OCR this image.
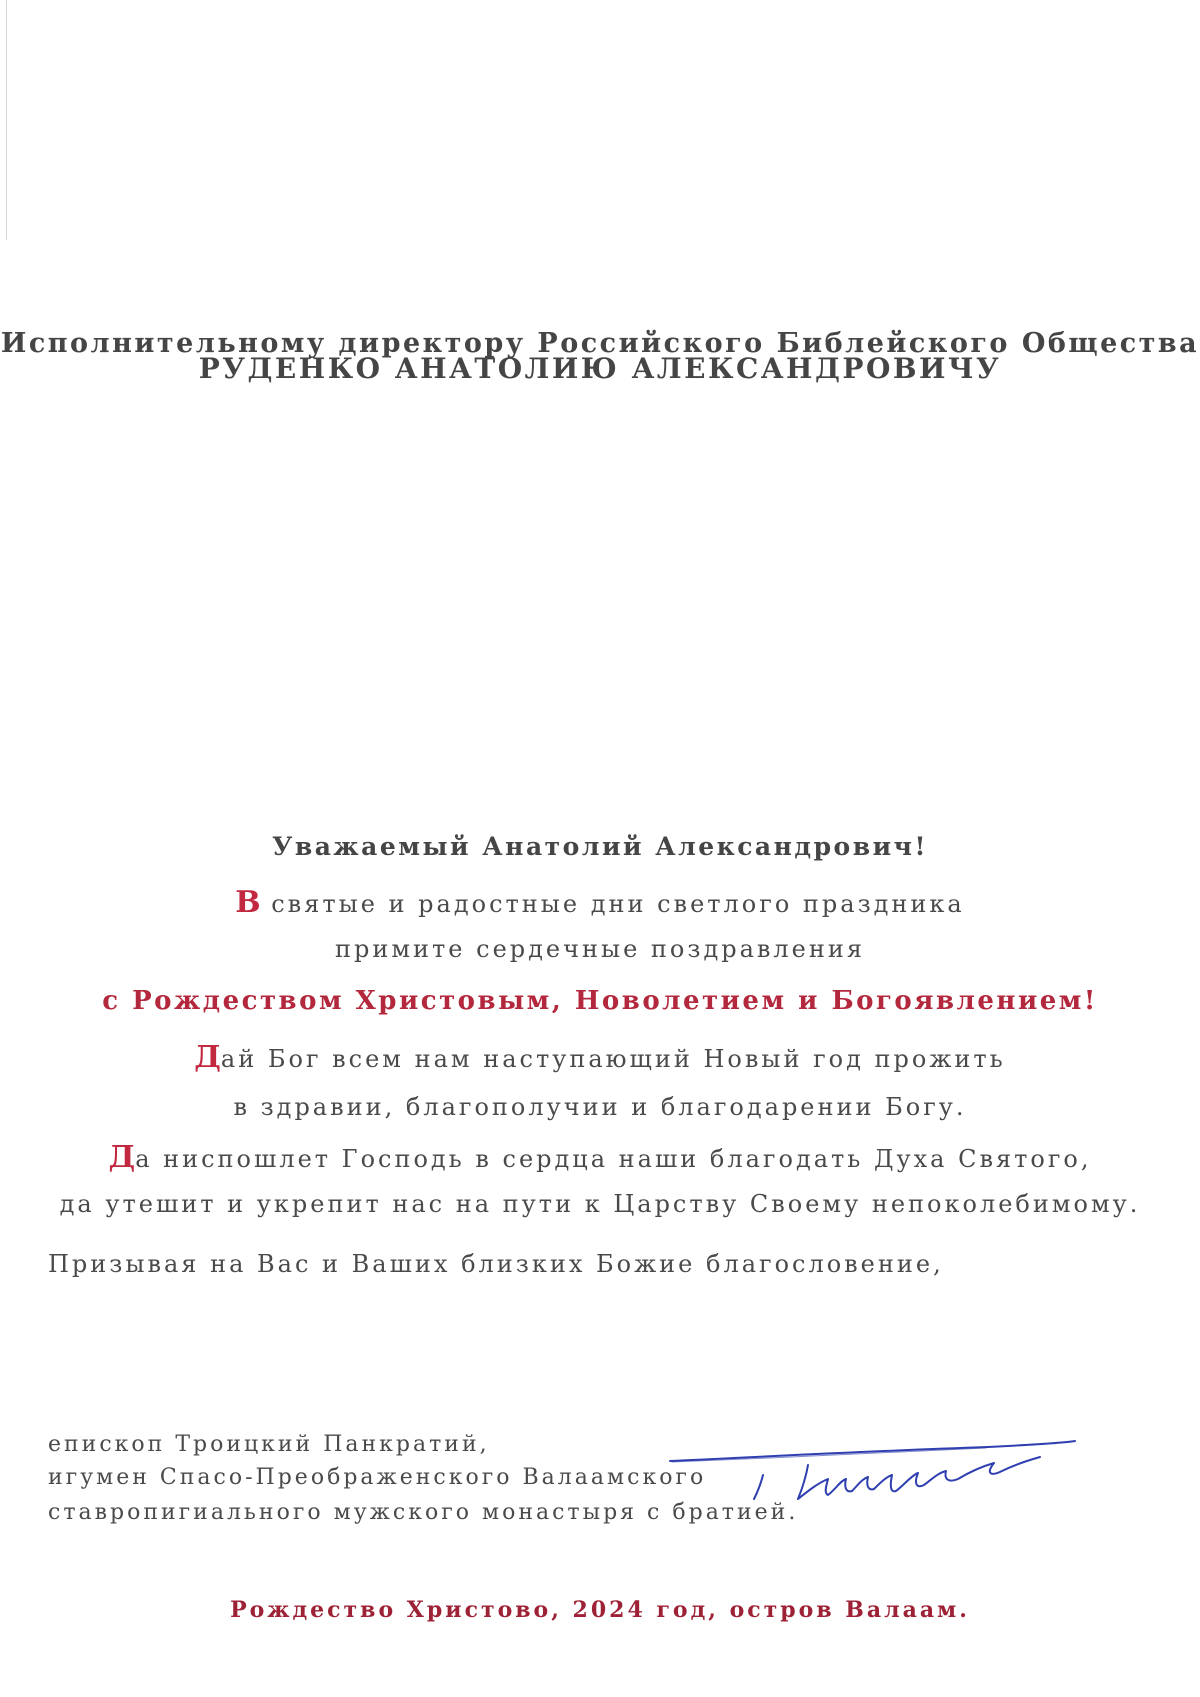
Исполнительному директору Российского Библейского Общества
РУДЕНКО АНАТОЛИЮ АЛЕКСАНДРОВИЧУ
Уважаемый Анатолий Александрович!
В святые и радостные дни светлого праздника
примите сердечные поздравления
с Рождеством Христовым, Новолетием и Богоявлением!
Дай Бог всем нам наступающий Новый год прожить
в здравии, благополучии и благодарении Богу.
Да ниспошлет Господь в сердца наши благодать Духа Святого,
да утешит и укрепит нас на пути к Царству Своему непоколебимому.
Призывая на Вас и Ваших близких Божие благословение,
епископ Троицкий Панкратий,
игумен Спасо-Преображенского Валаамского
ставропигиального мужского монастыря с братией.
Рождество Христово, 2024 год, остров Валаам.
